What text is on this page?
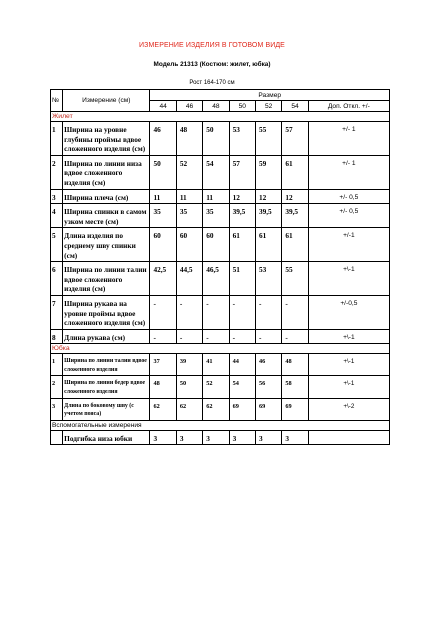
ИЗМЕРЕНИЕ ИЗДЕЛИЯ В ГОТОВОМ ВИДЕ
Модель 21313 (Костюм: жилет, юбка)
Рост 164-170 см
№	Измерение (см)	Размер						
		44	46	48	50	52	54	Доп. Откл. +/-
Жилет								
1	Ширина на уровне глубины проймы вдвое сложенного изделия (см)	46	48	50	53	55	57	+/- 1
2	Ширина по линии низа вдвое сложенного изделия (см)	50	52	54	57	59	61	+/- 1
3	Ширина плеча (см)	11	11	11	12	12	12	+/- 0,5
4	Ширина спинки в самом узком месте (см)	35	35	35	39,5	39,5	39,5	+/- 0,5
5	Длина изделия по среднему шву спинки (см)	60	60	60	61	61	61	+/-1
6	Ширина по линии талии вдвое сложенного изделия (см)	42,5	44,5	46,5	51	53	55	+\-1
7	Ширина рукава на уровне проймы вдвое сложенного изделия (см)	-	-	-	-	-	-	+/-0,5
8	Длина рукава (см)	-	-	-	-	-	-	+\-1
Юбка								
1	Ширина по линии талии вдвое сложенного изделия	37	39	41	44	46	48	+\-1
2	Ширина по линии бедер вдвое сложенного изделия	48	50	52	54	56	58	+\-1
3	Длина по боковому шву (с учетом пояса)	62	62	62	69	69	69	+\-2
Вспомогательные измерения								
	Подгибка низа юбки	3	3	3	3	3	3	
